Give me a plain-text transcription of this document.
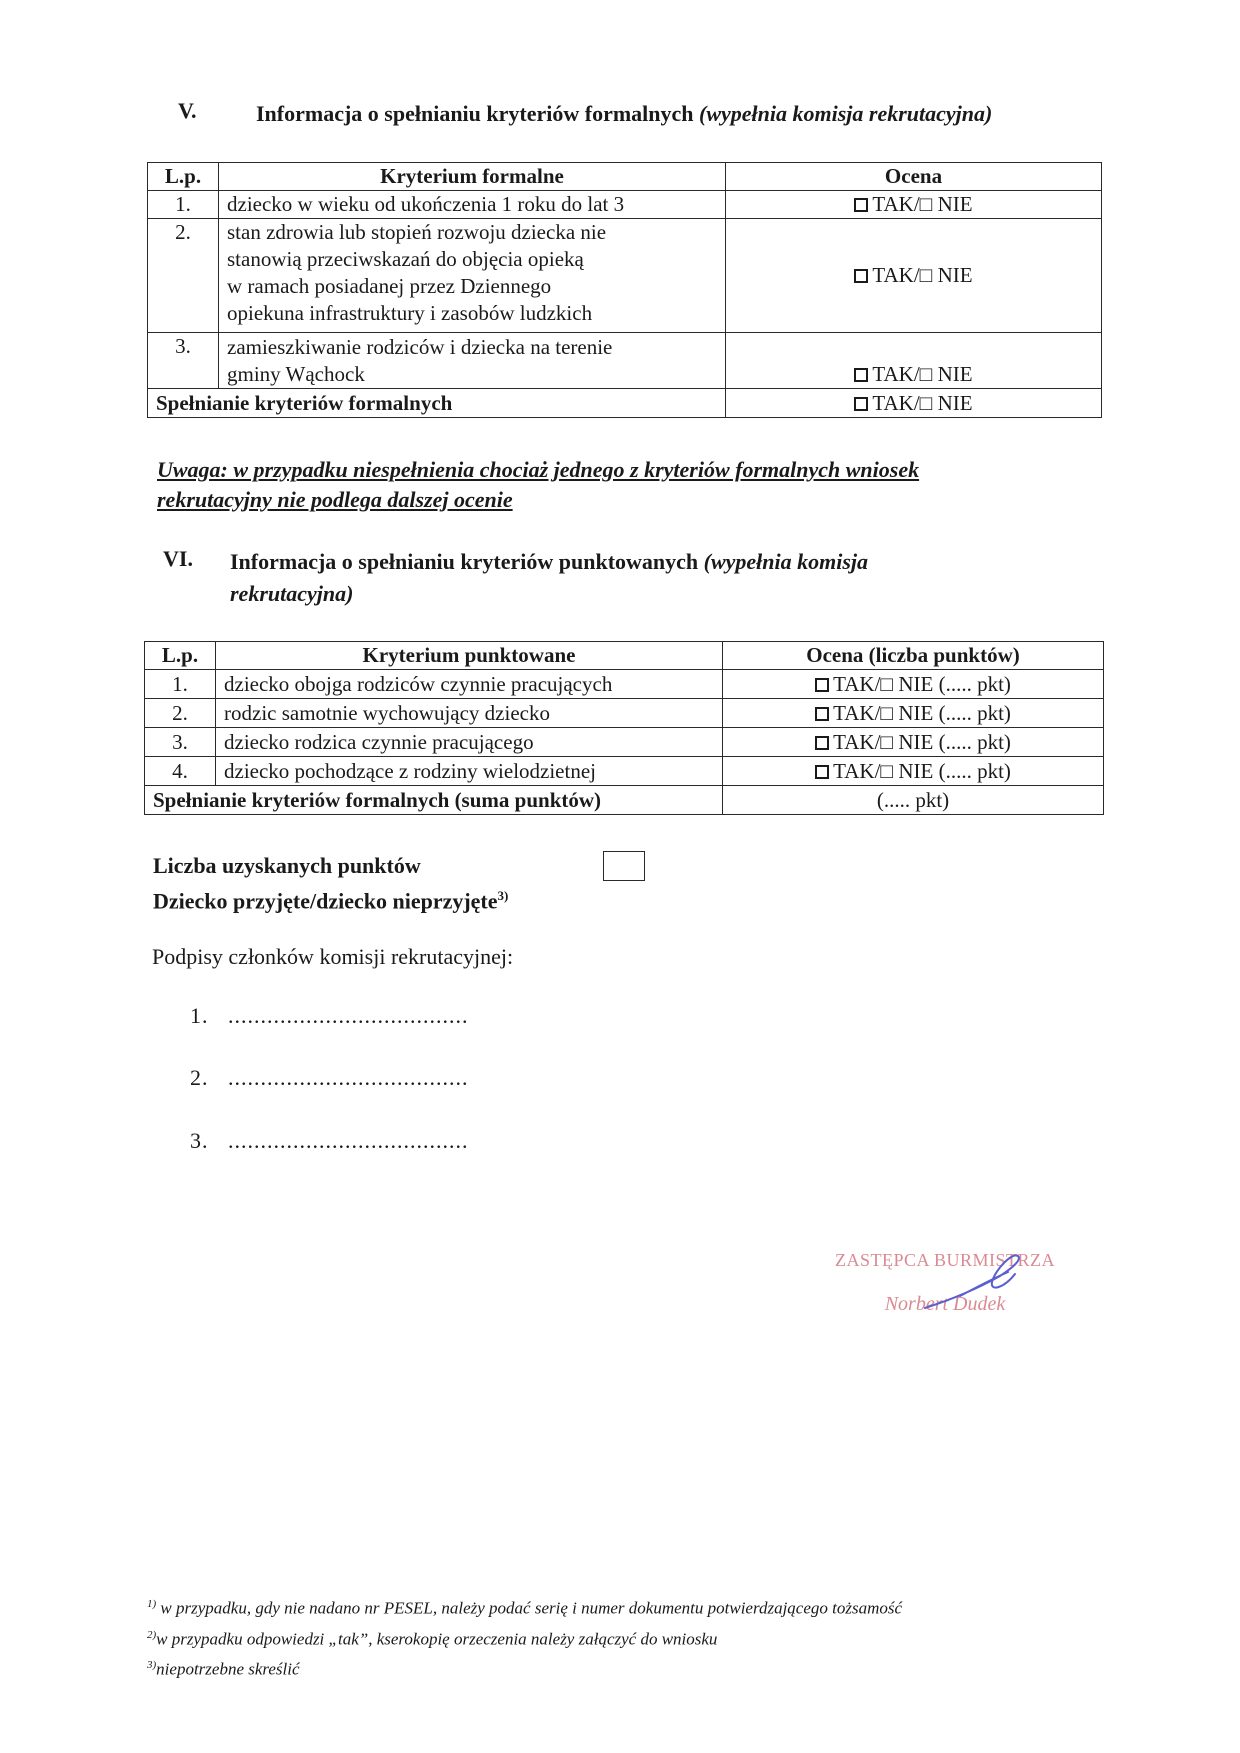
V.	Informacja o spełnianiu kryteriów formalnych (wypełnia komisja rekrutacyjna)
L.p.	Kryterium formalne	Ocena
1.	dziecko w wieku od ukończenia 1 roku do lat 3	TAK/□ NIE
2.	stan zdrowia lub stopień rozwoju dziecka nie
stanowią przeciwskazań do objęcia opieką
w ramach posiadanej przez Dziennego
opiekuna infrastruktury i zasobów ludzkich	TAK/□ NIE
3.	zamieszkiwanie rodziców i dziecka na terenie
gminy Wąchock	TAK/□ NIE
Spełnianie kryteriów formalnych		TAK/□ NIE
Uwaga: w przypadku niespełnienia chociaż jednego z kryteriów formalnych wniosek
rekrutacyjny nie podlega dalszej ocenie
VI. Informacja o spełnianiu kryteriów punktowanych (wypełnia komisja
rekrutacyjna)
L.p.	Kryterium punktowane	Ocena (liczba punktów)
1.	dziecko obojga rodziców czynnie pracujących	TAK/□ NIE (..... pkt)
2.	rodzic samotnie wychowujący dziecko	TAK/□ NIE (..... pkt)
3.	dziecko rodzica czynnie pracującego	TAK/□ NIE (..... pkt)
4.	dziecko pochodzące z rodziny wielodzietnej	TAK/□ NIE (..... pkt)
Spełnianie kryteriów formalnych (suma punktów)		(..... pkt)
Liczba uzyskanych punktów
Dziecko przyjęte/dziecko nieprzyjęte$^{3)}$
Podpisy członków komisji rekrutacyjnej:
1. .....................................
2. .....................................
3. .....................................
ZASTĘPCA BURMISTRZA
Norbert Dudek
$^{1)}$ w przypadku, gdy nie nadano nr PESEL, należy podać serię i numer dokumentu potwierdzającego tożsamość
$^{2)}$w przypadku odpowiedzi „tak”, kserokopię orzeczenia należy załączyć do wniosku
$^{3)}$niepotrzebne skreślić
